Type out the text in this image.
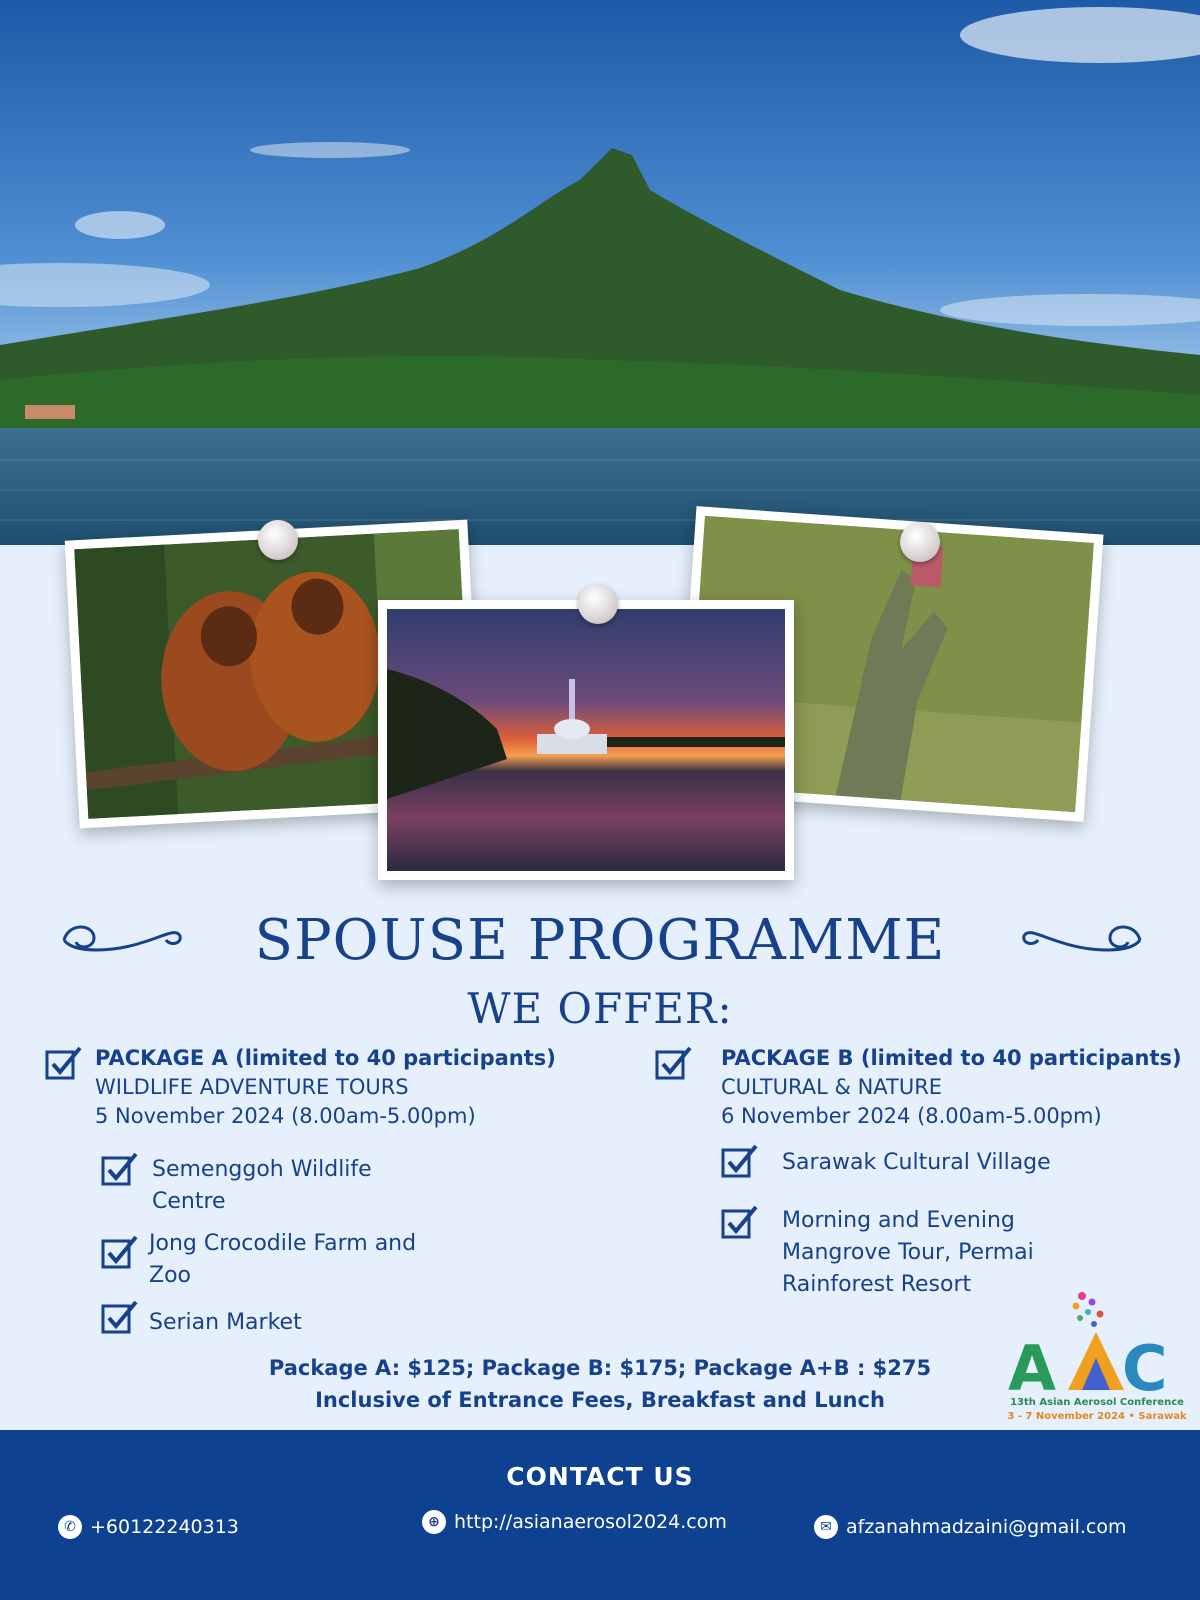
SPOUSE PROGRAMME
WE OFFER:
PACKAGE A (limited to 40 participants)
WILDLIFE ADVENTURE TOURS
5 November 2024 (8.00am-5.00pm)
Semenggoh Wildlife
Centre
Jong Crocodile Farm and
Zoo
Serian Market
PACKAGE B (limited to 40 participants)
CULTURAL & NATURE
6 November 2024 (8.00am-5.00pm)
Sarawak Cultural Village
Morning and Evening
Mangrove Tour, Permai
Rainforest Resort
Package A: $125; Package B: $175; Package A+B : $275
Inclusive of Entrance Fees, Breakfast and Lunch	A C
13th Asian Aerosol Conference
3 - 7 November 2024 • Sarawak
CONTACT US
✆ +60122240313	⊕ http://asianaerosol2024.com	✉ afzanahmadzaini@gmail.com
